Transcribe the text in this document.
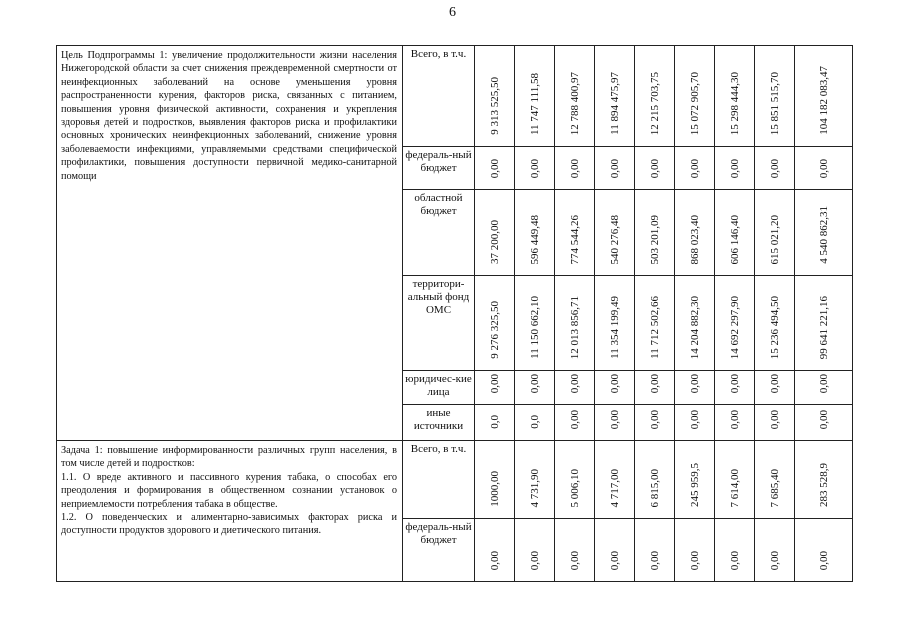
6

Цель Подпрограммы 1: увеличение продолжительности жизни населения Нижегородской области за счет снижения преждевременной смертности от неинфекционных заболеваний на основе уменьшения уровня распространенности курения, факторов риска, связанных с питанием, повышения уровня физической активности, сохранения и укрепления здоровья детей и подростков, выявления факторов риска и профилактики основных хронических неинфекционных заболеваний, снижение уровня заболеваемости инфекциями, управляемыми средствами специфической профилактики, повышения доступности первичной медико-санитарной помощи	Всего, в т.ч.	9 313 525,50	11 747 111,58	12 788 400,97	11 894 475,97	12 215 703,75	15 072 905,70	15 298 444,30	15 851 515,70	104 182 083,47
	федераль-ный бюджет	0,00	0,00	0,00	0,00	0,00	0,00	0,00	0,00	0,00
	областной бюджет	37 200,00	596 449,48	774 544,26	540 276,48	503 201,09	868 023,40	606 146,40	615 021,20	4 540 862,31
	территори-альный фонд ОМС	9 276 325,50	11 150 662,10	12 013 856,71	11 354 199,49	11 712 502,66	14 204 882,30	14 692 297,90	15 236 494,50	99 641 221,16
	юридичес-кие лица	0,00	0,00	0,00	0,00	0,00	0,00	0,00	0,00	0,00
	иные источники	0,0	0,0	0,00	0,00	0,00	0,00	0,00	0,00	0,00

Задача 1: повышение информированности различных групп населения, в том числе детей и подростков:

1.1. О вреде активного и пассивного курения табака, о способах его преодоления и формирования в общественном сознании установок о неприемлемости потребления табака в обществе.

1.2. О поведенческих и алиментарно-зависимых факторах риска и доступности продуктов здорового и диетического питания.	Всего, в т.ч.	1000,00	4 731,90	5 006,10	4 717,00	6 815,00	245 959,5	7 614,00	7 685,40	283 528,9
	федераль-ный бюджет	0,00	0,00	0,00	0,00	0,00	0,00	0,00	0,00	0,00
